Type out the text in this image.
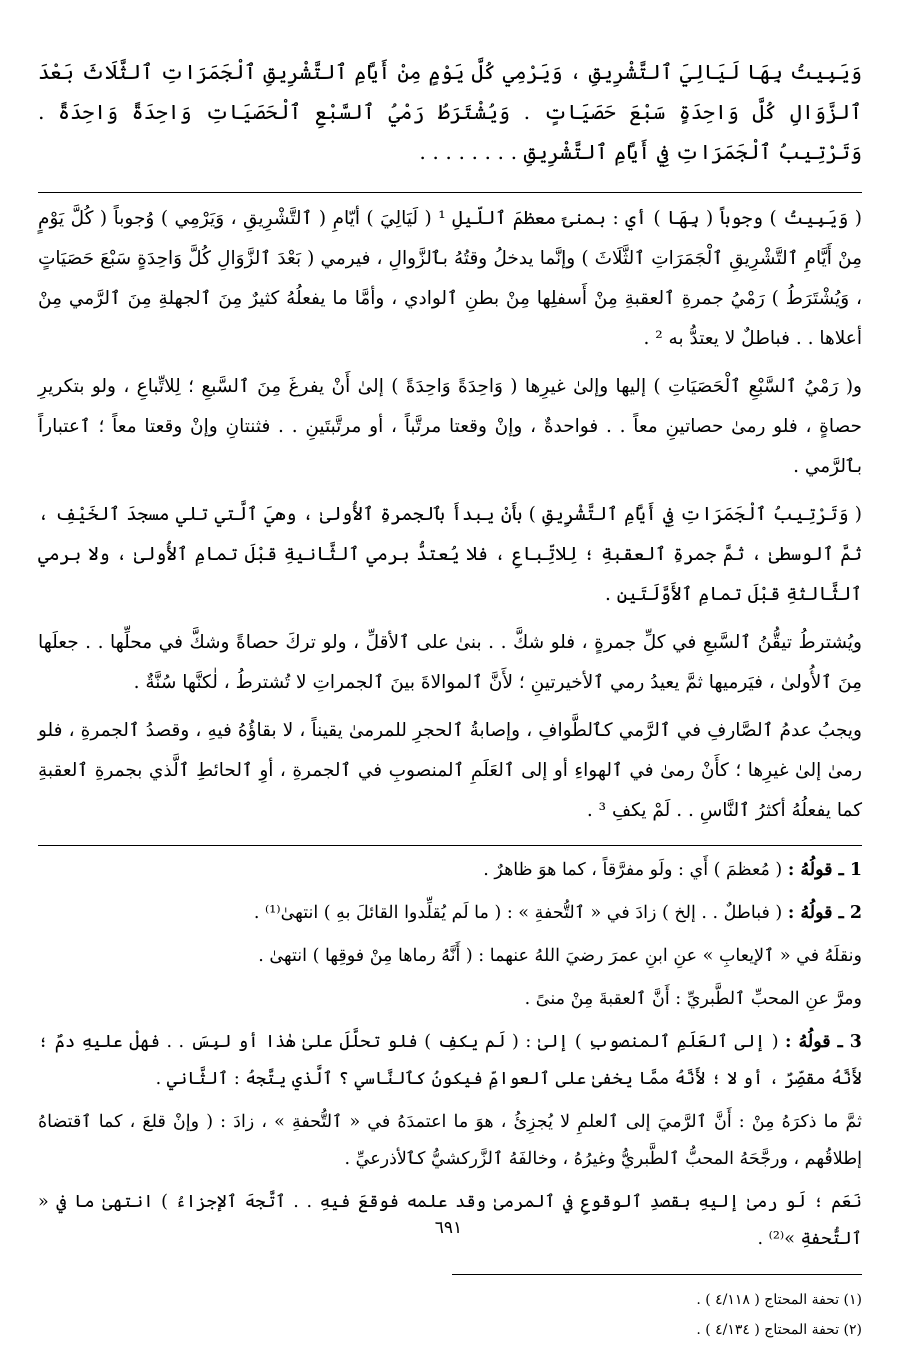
وَيَبِيتُ بِهَا لَيَالِيَ ٱلتَّشْرِيقِ ، وَيَرْمِي كُلَّ يَوْمٍ مِنْ أَيَّامِ ٱلتَّشْرِيقِ ٱلْجَمَرَاتِ ٱلثَّلَاثَ بَعْدَ ٱلزَّوَالِ كُلَّ وَاحِدَةٍ سَبْعَ حَصَيَاتٍ . وَيُشْتَرَطُ رَمْيُ ٱلسَّبْعِ ٱلْحَصَيَاتِ وَاحِدَةً وَاحِدَةً . وَتَرْتِيبُ ٱلْجَمَرَاتِ فِي أَيَّامِ ٱلتَّشْرِيقِ . . . . . . . .

( وَيَبِيتُ ) وجوباً ( بِهَا ) أي : بمنىً معظمَ ٱللّيلِ ¹ ( لَيَالِيَ ) أيّامِ ( ٱلتَّشْرِيقِ ، وَيَرْمِي ) وُجوباً ( كُلَّ يَوْمٍ مِنْ أَيَّامِ ٱلتَّشْرِيقِ ٱلْجَمَرَاتِ ٱلثَّلَاثَ ) وإنَّما يدخلُ وقتُهُ بٱلزَّوالِ ، فيرمي ( بَعْدَ ٱلزَّوَالِ كُلَّ وَاحِدَةٍ سَبْعَ حَصَيَاتٍ ، وَيُشْتَرَطُ ) رَمْيُ جمرةِ ٱلعقبةِ مِنْ أَسفلِها مِنْ بطنِ ٱلوادي ، وأمَّا ما يفعلُهُ كثيرٌ مِنَ ٱلجهلةِ مِنَ ٱلرَّمي مِنْ أعلاها . . فباطلٌ لا يعتدُّ به ² .

و( رَمْيُ ٱلسَّبْعِ ٱلْحَصَيَاتِ ) إليها وإلىٰ غيرِها ( وَاحِدَةً وَاحِدَةً ) إلىٰ أَنْ يفرغَ مِنَ ٱلسَّبعِ ؛ لِلاتِّباعِ ، ولو بتكريرِ حصاةٍ ، فلو رمىٰ حصاتينِ معاً . . فواحدةٌ ، وإنْ وقعتا مرتَّباً ، أو مرتَّبتَينِ . . فثنتانِ وإنْ وقعتا معاً ؛ ٱعتباراً بٱلرَّمي .

( وَتَرْتِيبُ ٱلْجَمَرَاتِ فِي أَيَّامِ ٱلتَّشْرِيقِ ) بأَنْ يبدأَ بٱلجمرةِ ٱلأُولىٰ ، وهيَ ٱلَّتي تلي مسجدَ ٱلخَيْفِ ، ثمَّ ٱلوسطىٰ ، ثمَّ جمرةِ ٱلعقبةِ ؛ لِلاتِّباعِ ، فلا يُعتدُّ برمي ٱلثَّانيةِ قبْلَ تمامِ ٱلأُولىٰ ، ولا برمي ٱلثَّالثةِ قبْلَ تمامِ ٱلأَوَّلَتَينِ .

ويُشترطُ تيقُّنُ ٱلسَّبعِ في كلِّ جمرةٍ ، فلو شكَّ . . بنىٰ على ٱلأقلِّ ، ولو تركَ حصاةً وشكَّ في محلِّها . . جعلَها مِنَ ٱلأُولىٰ ، فيَرميها ثمَّ يعيدُ رمي ٱلأخيرتينِ ؛ لأَنَّ ٱلموالاةَ بينَ ٱلجمراتِ لا تُشترطُ ، لٰكنَّها سُنَّةٌ .

ويجبُ عدمُ ٱلصَّارفِ في ٱلرَّمي كٱلطَّوافِ ، وإصابةُ ٱلحجرِ للمرمىٰ يقيناً ، لا بقاؤُهُ فيهِ ، وقصدُ ٱلجمرةِ ، فلو رمىٰ إلىٰ غيرِها ؛ كأَنْ رمىٰ في ٱلهواءِ أو إلى ٱلعَلَمِ ٱلمنصوبِ في ٱلجمرةِ ، أوِ ٱلحائطِ ٱلَّذي بجمرةِ ٱلعقبةِ كما يفعلُهُ أكثرُ ٱلنَّاسِ . . لَمْ يكفِ ³ .

1 ـ قولُهُ : ( مُعظمَ ) أَي : ولَو مفرَّقاً ، كما هوَ ظاهرٌ .

2 ـ قولُهُ : ( فباطلٌ . . إلخ ) زادَ في « ٱلتُّحفةِ » : ( ما لَم يُقلِّدوا القائلَ بهِ ) انتهىٰ⁽¹⁾ .

ونقلَهُ في « ٱلإيعابِ » عنِ ابنِ عمرَ رضيَ اللهُ عنهما : ( أَنَّهُ رماها مِنْ فوقِها ) انتهىٰ .

ومرَّ عنِ المحبِّ ٱلطَّبريِّ : أَنَّ ٱلعقبةَ مِنْ منىً .

3 ـ قولُهُ : ( إلى ٱلعَلَمِ ٱلمنصوبِ ) إلىٰ : ( لَم يكفِ ) فلو تحلَّلَ علىٰ هٰذا أو لبِسَ . . فهلْ عليهِ دمٌ ؛ لأَنَّهُ مقصِّرٌ ، أو لا ؛ لأَنَّهُ ممَّا يخفىٰ على ٱلعوامِّ فيكونُ كٱلنَّاسي ؟ ٱلَّذي يتَّجهُ : ٱلثَّاني .

ثمَّ ما ذكرَهُ مِنْ : أَنَّ ٱلرَّميَ إلى ٱلعلمِ لا يُجزِئُ ، هوَ ما اعتمدَهُ في « ٱلتُّحفةِ » ، زادَ : ( وإنْ قلعَ ، كما ٱقتضاهُ إطلاقُهم ، ورجَّحَهُ المحبُّ ٱلطَّبريُّ وغيرُهُ ، وخالفَهُ ٱلزَّركشيُّ كٱلأذرعيِّ .

نَعَم ؛ لَو رمىٰ إليهِ بقصدِ ٱلوقوعِ في ٱلمرمىٰ وقد علمه فوقعَ فيهِ . . ٱتَّجهَ ٱلإجزاءُ ) انتهىٰ ما في « ٱلتُّحفةِ »⁽²⁾ .

(١) تحفة المحتاج ( ٤/١١٨ ) .

(٢) تحفة المحتاج ( ٤/١٣٤ ) .

٦٩١
